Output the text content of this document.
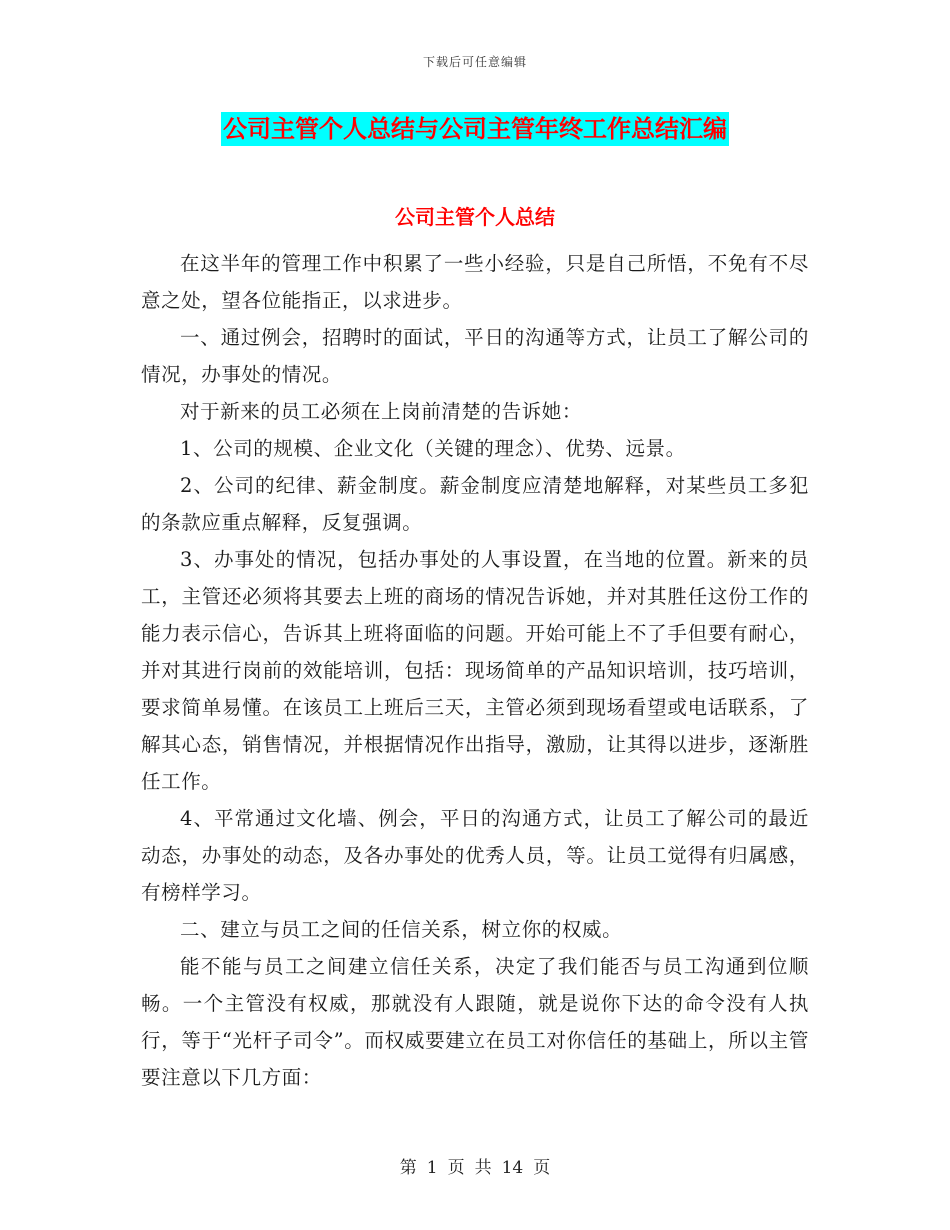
下载后可任意编辑
公司主管个人总结与公司主管年终工作总结汇编
公司主管个人总结

在这半年的管理工作中积累了一些小经验，只是自己所悟，不免有不尽意之处，望各位能指正，以求进步。

一、通过例会，招聘时的面试，平日的沟通等方式，让员工了解公司的情况，办事处的情况。

对于新来的员工必须在上岗前清楚的告诉她：

1、公司的规模、企业文化（关键的理念）、优势、远景。

2、公司的纪律、薪金制度。薪金制度应清楚地解释，对某些员工多犯的条款应重点解释，反复强调。

3、办事处的情况，包括办事处的人事设置，在当地的位置。新来的员工，主管还必须将其要去上班的商场的情况告诉她，并对其胜任这份工作的能力表示信心，告诉其上班将面临的问题。开始可能上不了手但要有耐心，并对其进行岗前的效能培训，包括：现场简单的产品知识培训，技巧培训，要求简单易懂。在该员工上班后三天，主管必须到现场看望或电话联系，了解其心态，销售情况，并根据情况作出指导，激励，让其得以进步，逐渐胜任工作。

4、平常通过文化墙、例会，平日的沟通方式，让员工了解公司的最近动态，办事处的动态，及各办事处的优秀人员，等。让员工觉得有归属感，有榜样学习。

二、建立与员工之间的任信关系，树立你的权威。

能不能与员工之间建立信任关系，决定了我们能否与员工沟通到位顺畅。一个主管没有权威，那就没有人跟随，就是说你下达的命令没有人执行，等于“光杆子司令”。而权威要建立在员工对你信任的基础上，所以主管要注意以下几方面：

第 1 页 共 14 页
